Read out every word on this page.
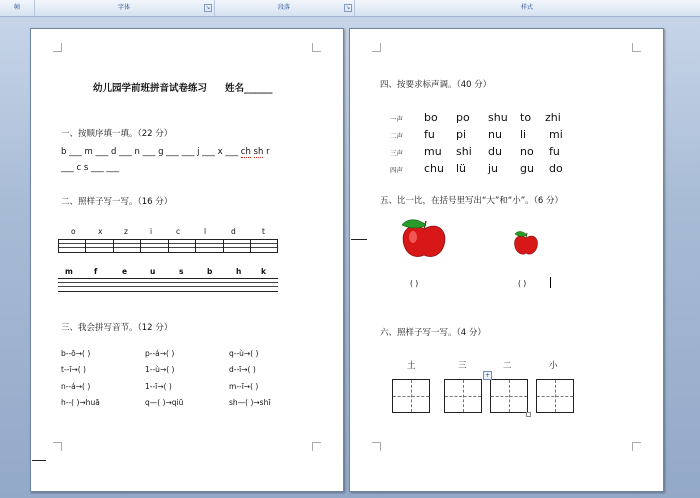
帧	字体	↘	段落	↘	样式
幼儿园学前班拼音试卷练习 姓名______
一、按顺序填一填。（22 分）
b ___ m ___ d ___ n ___ g ___ ___ j ___ x ___ ch sh r
___ c s ___ ___
二、照样子写一写。（16 分）
o	x	z	i	c	l	d	t
m	f	e	u	s	b	h	k
三、我会拼写音节。（12 分）
b--ō→( )	p--á→( )	q--ù→( )
t--ī→( )	1--ù→( )	d--ī→( )
n--á→( )	1--ī→( )	m--ī→( )
h--( )→huā	q—( )→qiū	sh—( )→shī
四、按要求标声调。（40 分）
一声 bo po shu to zhi
二声 fu pi nu li mi
三声 mu shi du no fu
四声 chu lü ju gu do
五、比一比，在括号里写出“大”和“小”。（6 分）
( )	( )
六、照样子写一写。（4 分）
土	三	二	小
+
